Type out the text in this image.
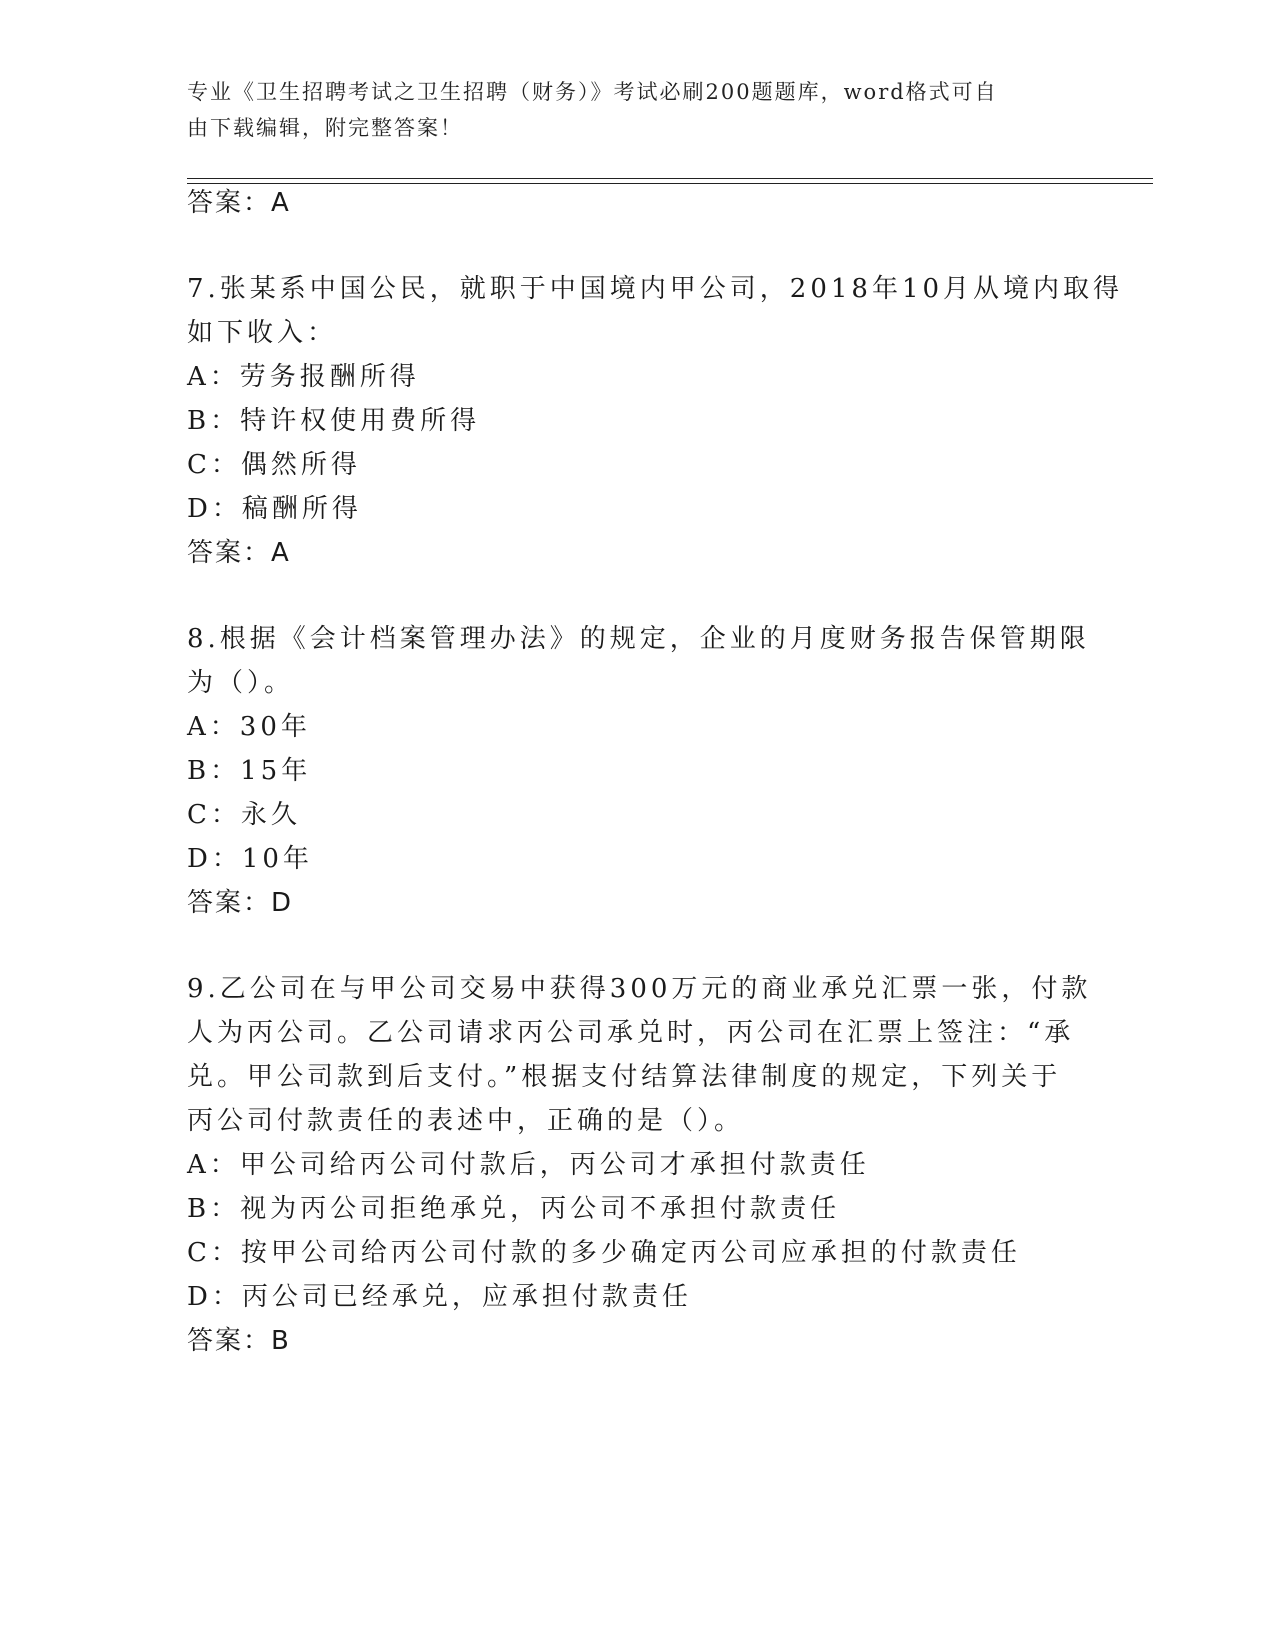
专业《卫生招聘考试之卫生招聘（财务）》考试必刷200题题库，word格式可自
由下载编辑，附完整答案！
答案：A
7.张某系中国公民，就职于中国境内甲公司，2018年10月从境内取得
如下收入：
A：劳务报酬所得
B：特许权使用费所得
C：偶然所得
D：稿酬所得
答案：A
8.根据《会计档案管理办法》的规定，企业的月度财务报告保管期限
为（）。
A：30年
B：15年
C：永久
D：10年
答案：D
9.乙公司在与甲公司交易中获得300万元的商业承兑汇票一张，付款
人为丙公司。乙公司请求丙公司承兑时，丙公司在汇票上签注：“承
兑。甲公司款到后支付。”根据支付结算法律制度的规定，下列关于
丙公司付款责任的表述中，正确的是（）。
A：甲公司给丙公司付款后，丙公司才承担付款责任
B：视为丙公司拒绝承兑，丙公司不承担付款责任
C：按甲公司给丙公司付款的多少确定丙公司应承担的付款责任
D：丙公司已经承兑，应承担付款责任
答案：B
